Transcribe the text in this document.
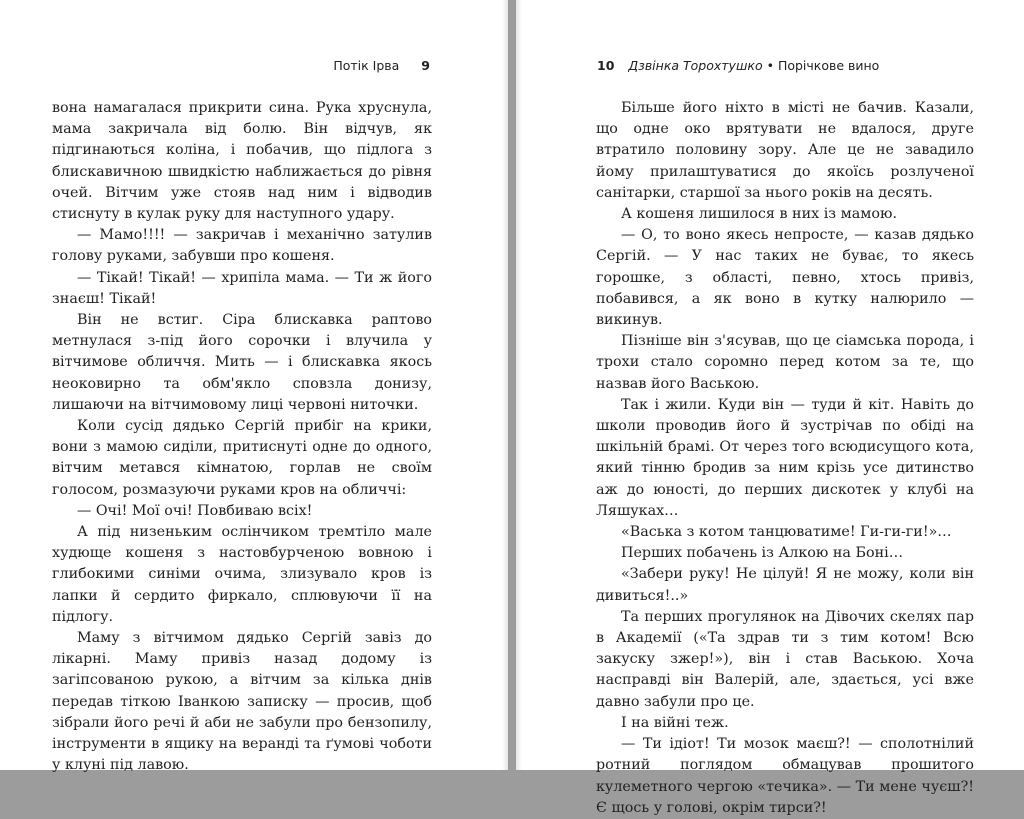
Потік Ірва 9

вона намагалася прикрити сина. Рука хруснула, мама закричала від болю. Він відчув, як підгинаються коліна, і побачив, що підлога з блискавичною швидкістю наближається до рівня очей. Вітчим уже стояв над ним і відводив стиснуту в кулак руку для наступного удару.

— Мамо!!!! — закричав і механічно затулив голову руками, забувши про кошеня.

— Тікай! Тікай! — хрипіла мама. — Ти ж його знаєш! Тікай!

Він не встиг. Сіра блискавка раптово метнулася з-під його сорочки і влучила у вітчимове обличчя. Мить — і блискавка якось неоковирно та обм'якло сповзла донизу, лишаючи на вітчимовому лиці червоні ниточки.

Коли сусід дядько Сергій прибіг на крики, вони з мамою сиділи, притиснуті одне до одного, вітчим метався кімнатою, горлав не своїм голосом, розмазуючи руками кров на обличчі:

— Очі! Мої очі! Повбиваю всіх!

А під низеньким ослінчиком тремтіло мале худюще кошеня з настовбурченою вовною і глибокими синіми очима, злизувало кров із лапки й сердито фиркало, сплювуючи її на підлогу.

Маму з вітчимом дядько Сергій завіз до лікарні. Маму привіз назад додому із загіпсованою рукою, а вітчим за кілька днів передав тіткою Іванкою записку — просив, щоб зібрали його речі й аби не забули про бензопилу, інструменти в ящику на веранді та ґумові чоботи у клуні під лавою.

10 Дзвінка Торохтушко • Порічкове вино

Більше його ніхто в місті не бачив. Казали, що одне око врятувати не вдалося, друге втратило половину зору. Але це не завадило йому прилаштуватися до якоїсь розлученої санітарки, старшої за нього років на десять.

А кошеня лишилося в них із мамою.

— О, то воно якесь непросте, — казав дядько Сергій. — У нас таких не буває, то якесь горошке, з області, певно, хтось привіз, побавився, а як воно в кутку налюрило — викинув.

Пізніше він з'ясував, що це сіамська порода, і трохи стало соромно перед котом за те, що назвав його Ваською.

Так і жили. Куди він — туди й кіт. Навіть до школи проводив його й зустрічав по обіді на шкільній брамі. От через того всюдисущого кота, який тінню бродив за ним крізь усе дитинство аж до юності, до перших дискотек у клубі на Ляшуках…

«Васька з котом танцюватиме! Ги-ги-ги!»…

Перших побачень із Алкою на Боні…

«Забери руку! Не цілуй! Я не можу, коли він дивиться!..»

Та перших прогулянок на Дівочих скелях пар в Академії («Та здрав ти з тим котом! Всю закуску зжер!»), він і став Ваською. Хоча насправді він Валерій, але, здається, усі вже давно забули про це.

І на війні теж.

— Ти ідіот! Ти мозок маєш?! — сполотнілий ротний поглядом обмацував прошитого кулеметного чергою «течика». — Ти мене чуєш?! Є щось у голові, окрім тирси?!
